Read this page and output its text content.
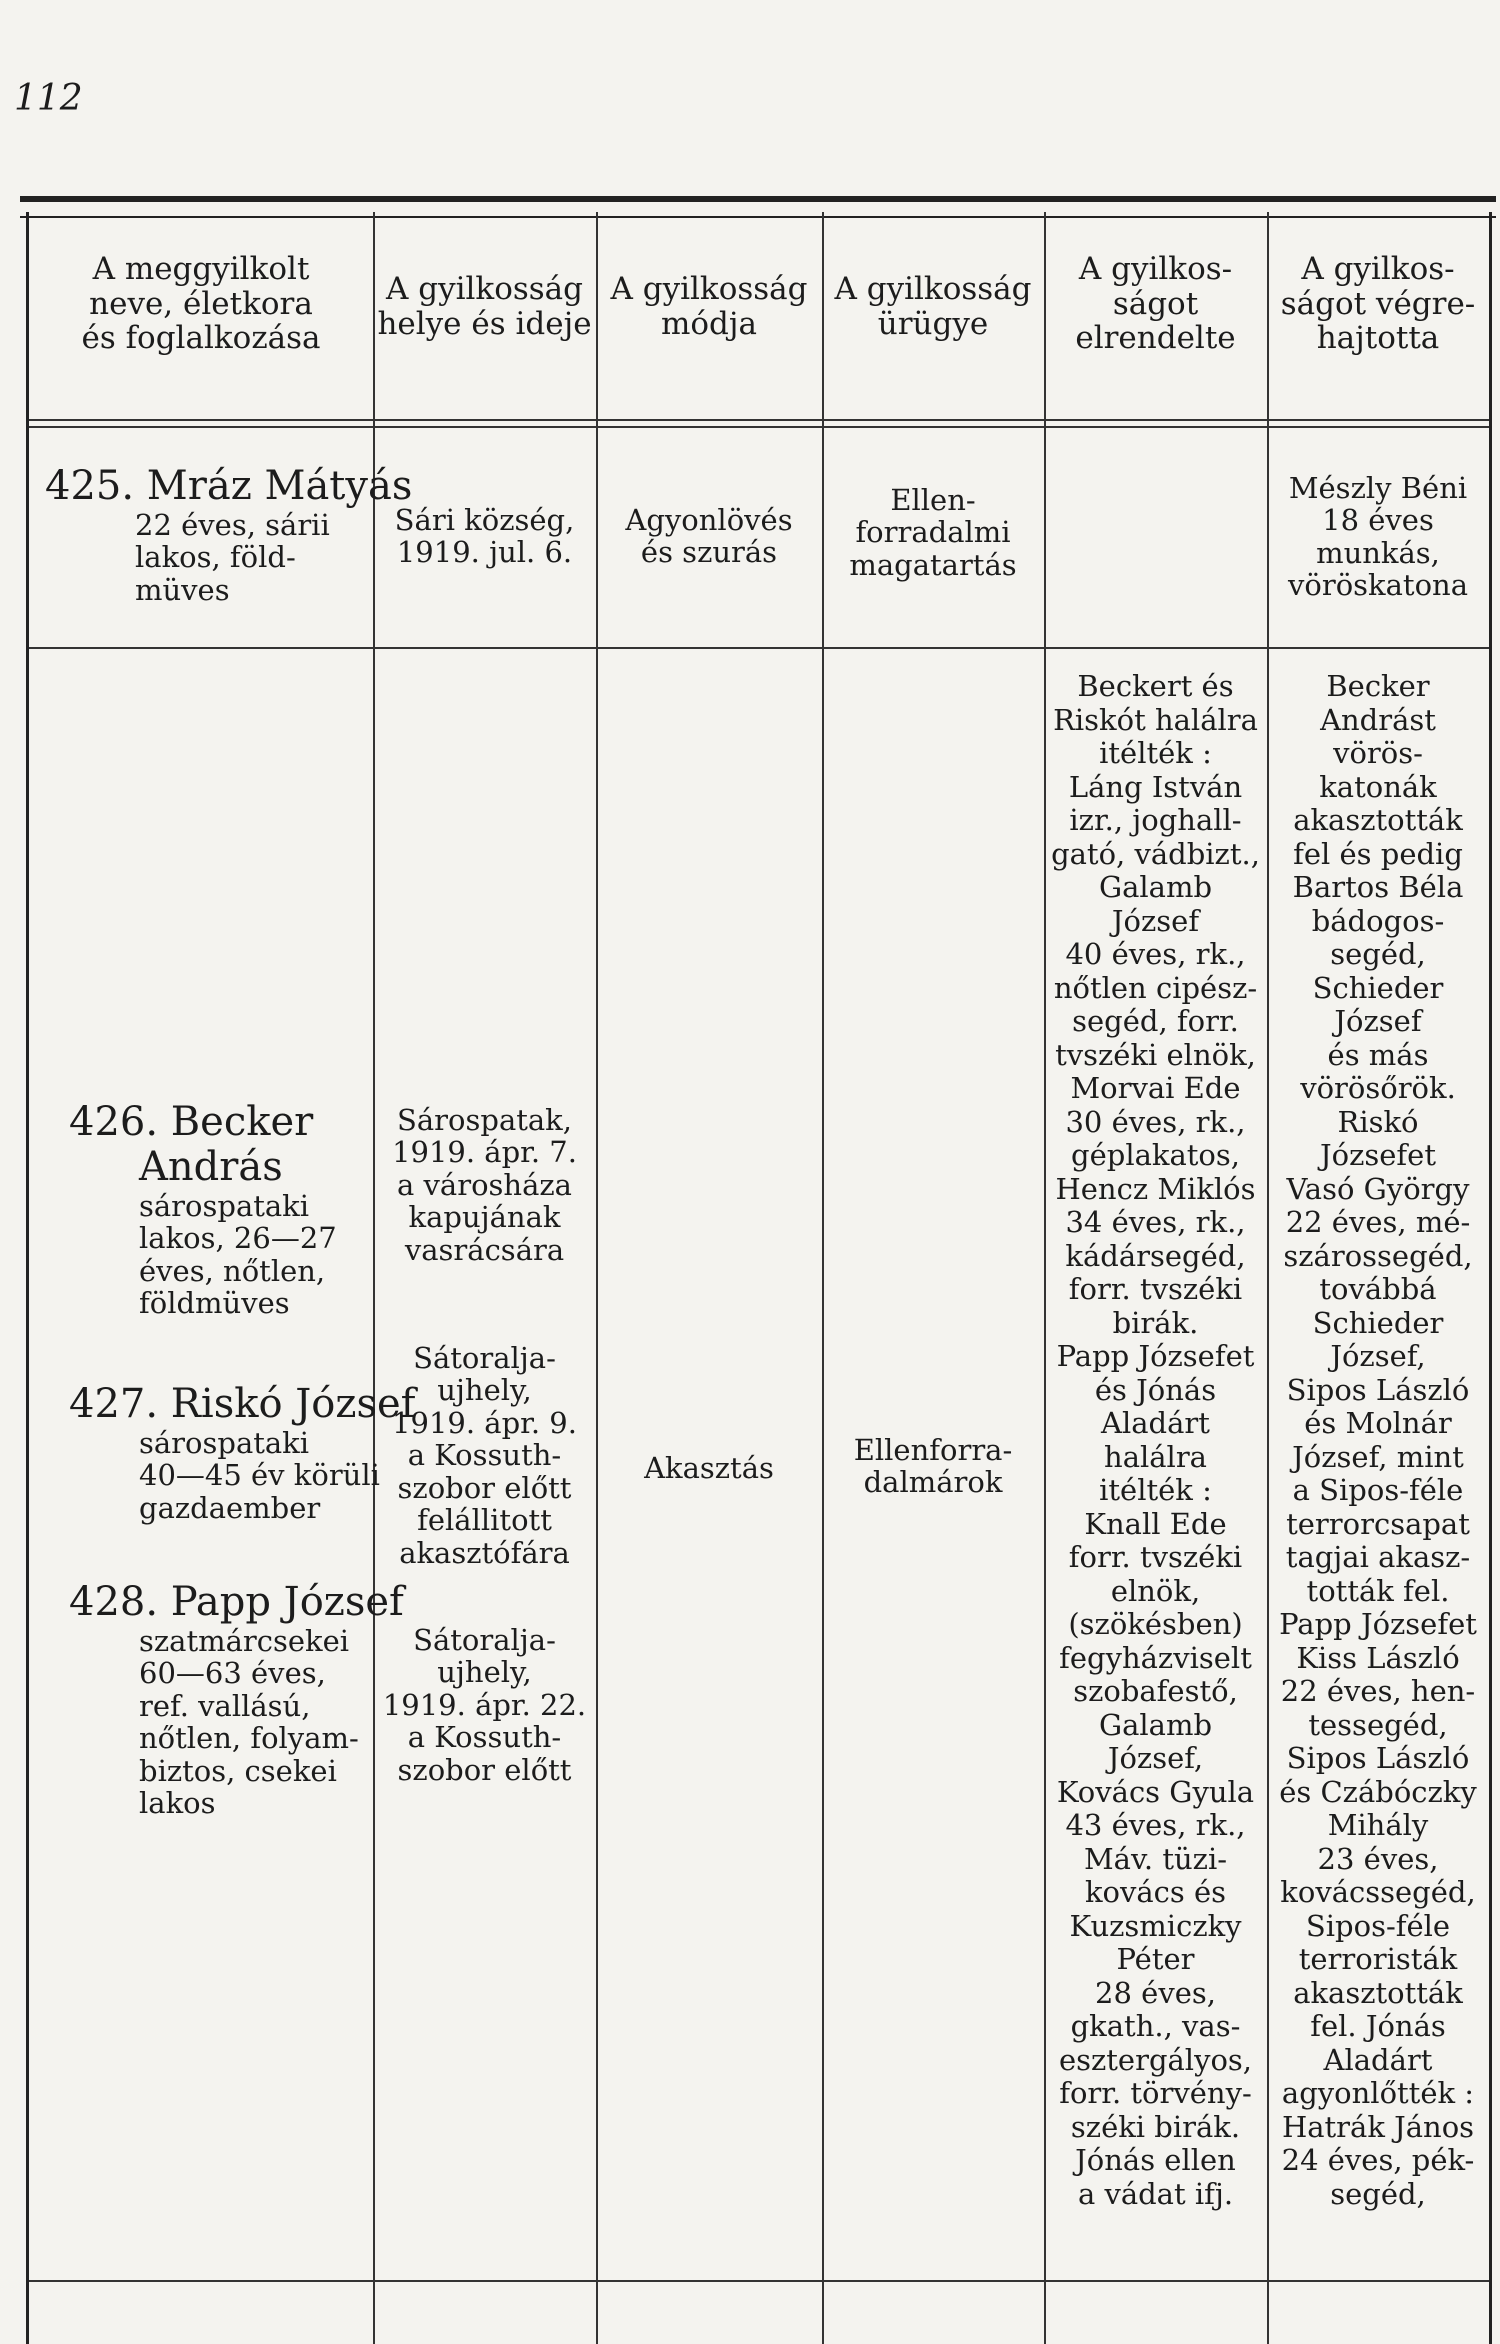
112
A meggyilkolt
neve, életkora
és foglalkozása
A gyilkosság
helye és ideje
A gyilkosság
módja
A gyilkosság
ürügye
A gyilkos-
ságot
elrendelte
A gyilkos-
ságot végre-
hajtotta
425. Mráz Mátyás
22 éves, sárii
lakos, föld-
müves
Sári község,
1919. jul. 6.
Agyonlövés
és szurás
Ellen-
forradalmi
magatartás
Mészly Béni
18 éves
munkás,
vöröskatona
426. Becker
András
sárospataki
lakos, 26—27
éves, nőtlen,
földmüves
427. Riskó József
sárospataki
40—45 év körüli
gazdaember
428. Papp József
szatmárcsekei
60—63 éves,
ref. vallású,
nőtlen, folyam-
biztos, csekei
lakos
Sárospatak,
1919. ápr. 7.
a városháza
kapujának
vasrácsára
Sátoralja-
ujhely,
1919. ápr. 9.
a Kossuth-
szobor előtt
felállitott
akasztófára
Sátoralja-
ujhely,
1919. ápr. 22.
a Kossuth-
szobor előtt
Akasztás
Ellenforra-
dalmárok
Beckert és
Riskót halálra
itélték :
Láng István
izr., joghall-
gató, vádbizt.,
Galamb
József
40 éves, rk.,
nőtlen cipész-
segéd, forr.
tvszéki elnök,
Morvai Ede
30 éves, rk.,
géplakatos,
Hencz Miklós
34 éves, rk.,
kádársegéd,
forr. tvszéki
birák.
Papp Józsefet
és Jónás
Aladárt
halálra
itélték :
Knall Ede
forr. tvszéki
elnök,
(szökésben)
fegyházviselt
szobafestő,
Galamb
József,
Kovács Gyula
43 éves, rk.,
Máv. tüzi-
kovács és
Kuzsmiczky
Péter
28 éves,
gkath., vas-
esztergályos,
forr. törvény-
széki birák.
Jónás ellen
a vádat ifj.
Becker
Andrást
vörös-
katonák
akasztották
fel és pedig
Bartos Béla
bádogos-
segéd,
Schieder
József
és más
vörösőrök.
Riskó
Józsefet
Vasó György
22 éves, mé-
szárossegéd,
továbbá
Schieder
József,
Sipos László
és Molnár
József, mint
a Sipos-féle
terrorcsapat
tagjai akasz-
tották fel.
Papp Józsefet
Kiss László
22 éves, hen-
tessegéd,
Sipos László
és Czábóczky
Mihály
23 éves,
kovácssegéd,
Sipos-féle
terroristák
akasztották
fel. Jónás
Aladárt
agyonlőtték :
Hatrák János
24 éves, pék-
segéd,
